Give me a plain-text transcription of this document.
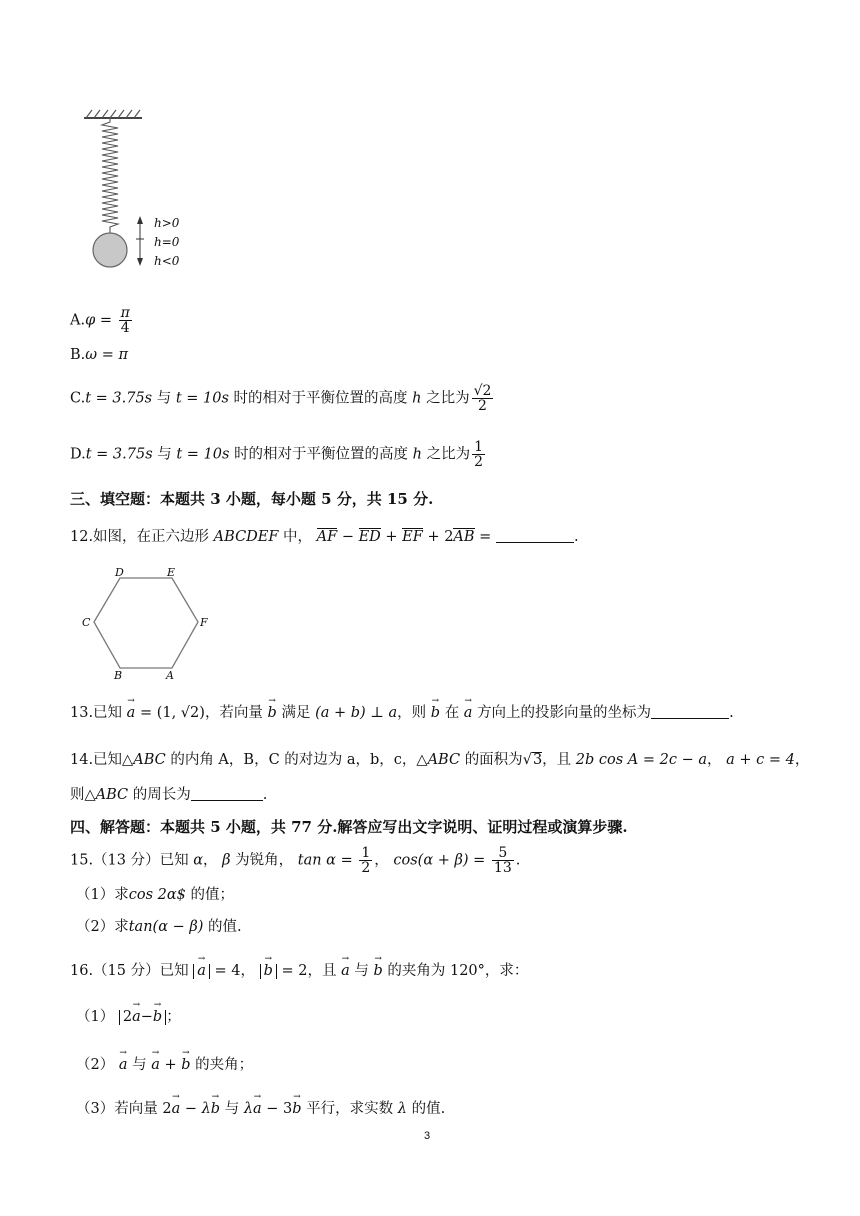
h>0
h=0
h<0
$A.\varphi = \frac{\pi}{4}$
B.ω = π
C.t = 3.75s 与 t = 10s 时的相对于平衡位置的高度 h 之比为 $\frac{√2}{2}$
D.t = 3.75s 与 t = 10s 时的相对于平衡位置的高度 h 之比为 $\frac{1}{2}$
三、填空题：本题共 3 小题，每小题 5 分，共 15 分.
12.如图，在正六边形 ABCDEF 中， AF − ED + EF + 2AB =	.
D	E
C	F
B	A
13.已知 → a = (1, √2)，若向量 → b 满足 (a + b) ⊥ a，则 → b 在 → a 方向上的投影向量的坐标为	.
14.已知△ABC 的内角 A，B，C 的对边为 a，b，c，△ABC 的面积为√3，且 2b cos A = 2c − a， a + c = 4，
则△ABC 的周长为	.
四、解答题：本题共 5 小题，共 77 分.解答应写出文字说明、证明过程或演算步骤.
15.（13 分）已知 α， β 为锐角， $\tan \alpha = \frac{1}{2}$ ， $\cos(\alpha + \beta) = \frac{5}{13}$ .
（1）求cos 2α$ 的值；
（2）求tan(α − β) 的值.
16.（15 分）已知 → a = 4， → b = 2，且 → a 与 → b 的夹角为 120°，求：
（1） 2→ a−→ b ；
（2） → a 与 → a + → b 的夹角；
（3）若向量 2→ a − λ→ b 与 λ→ a − 3→ b 平行，求实数 λ 的值.
3
